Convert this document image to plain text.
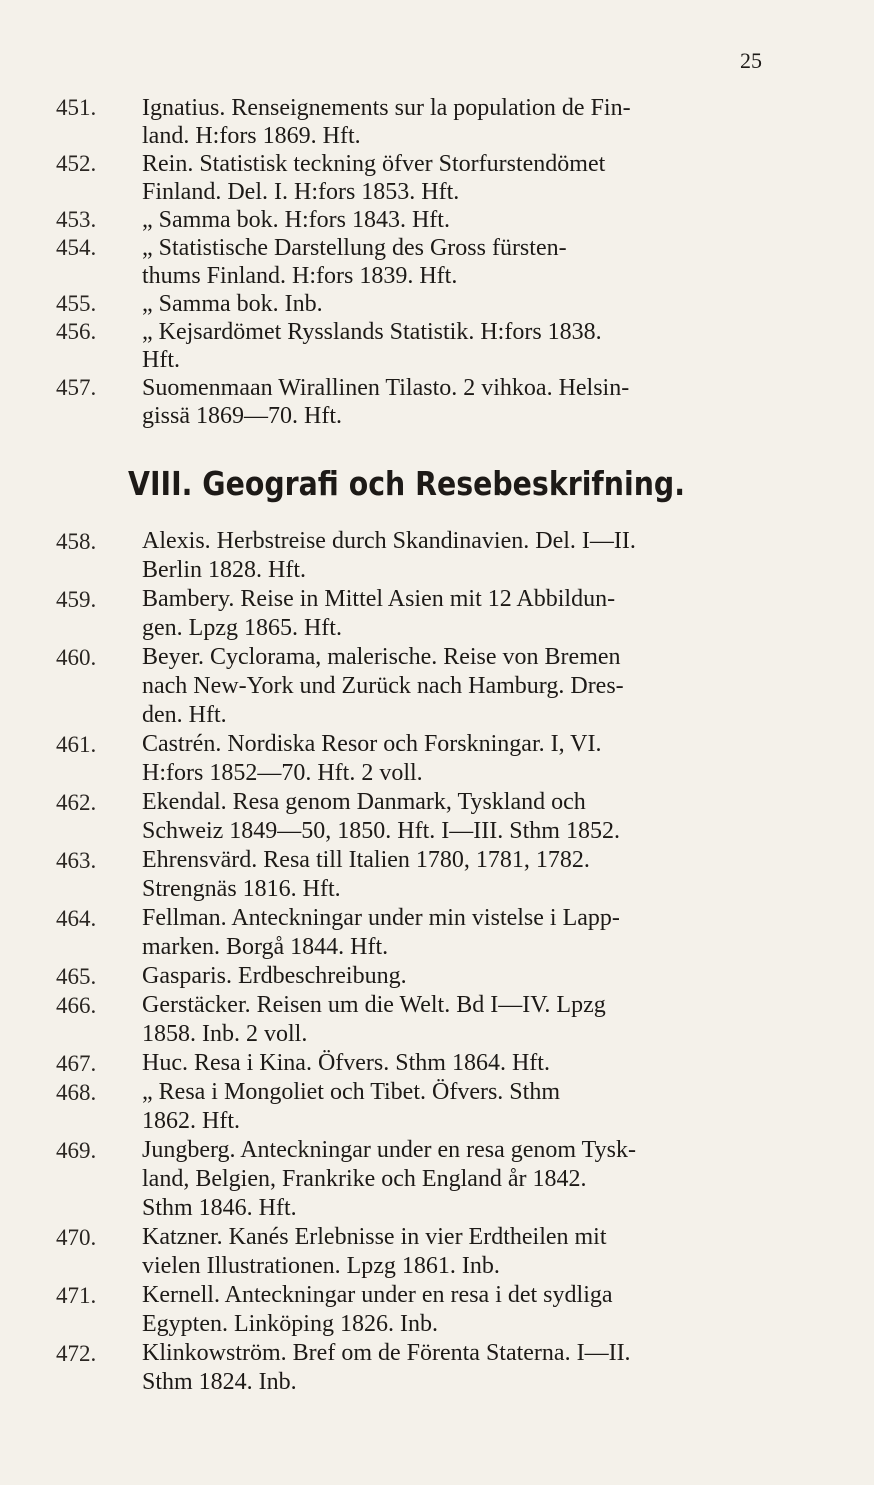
25
451.	Ignatius. Renseignements sur la population de Fin-
land. H:fors 1869. Hft.
452.	Rein. Statistisk teckning öfver Storfurstendömet
Finland. Del. I. H:fors 1853. Hft.
453.	„ Samma bok. H:fors 1843. Hft.
454.	„ Statistische Darstellung des Gross fürsten-
thums Finland. H:fors 1839. Hft.
455.	„ Samma bok. Inb.
456.	„ Kejsardömet Rysslands Statistik. H:fors 1838.
Hft.
457.	Suomenmaan Wirallinen Tilasto. 2 vihkoa. Helsin-
gissä 1869—70. Hft.
VIII. Geografi och Resebeskrifning.
458.	Alexis. Herbstreise durch Skandinavien. Del. I—II.
Berlin 1828. Hft.
459.	Bambery. Reise in Mittel Asien mit 12 Abbildun-
gen. Lpzg 1865. Hft.
460.	Beyer. Cyclorama, malerische. Reise von Bremen
nach New-York und Zurück nach Hamburg. Dres-
den. Hft.
461.	Castrén. Nordiska Resor och Forskningar. I, VI.
H:fors 1852—70. Hft. 2 voll.
462.	Ekendal. Resa genom Danmark, Tyskland och
Schweiz 1849—50, 1850. Hft. I—III. Sthm 1852.
463.	Ehrensvärd. Resa till Italien 1780, 1781, 1782.
Strengnäs 1816. Hft.
464.	Fellman. Anteckningar under min vistelse i Lapp-
marken. Borgå 1844. Hft.
465.	Gasparis. Erdbeschreibung.
466.	Gerstäcker. Reisen um die Welt. Bd I—IV. Lpzg
1858. Inb. 2 voll.
467.	Huc. Resa i Kina. Öfvers. Sthm 1864. Hft.
468.	„ Resa i Mongoliet och Tibet. Öfvers. Sthm
1862. Hft.
469.	Jungberg. Anteckningar under en resa genom Tysk-
land, Belgien, Frankrike och England år 1842.
Sthm 1846. Hft.
470.	Katzner. Kanés Erlebnisse in vier Erdtheilen mit
vielen Illustrationen. Lpzg 1861. Inb.
471.	Kernell. Anteckningar under en resa i det sydliga
Egypten. Linköping 1826. Inb.
472.	Klinkowström. Bref om de Förenta Staterna. I—II.
Sthm 1824. Inb.
